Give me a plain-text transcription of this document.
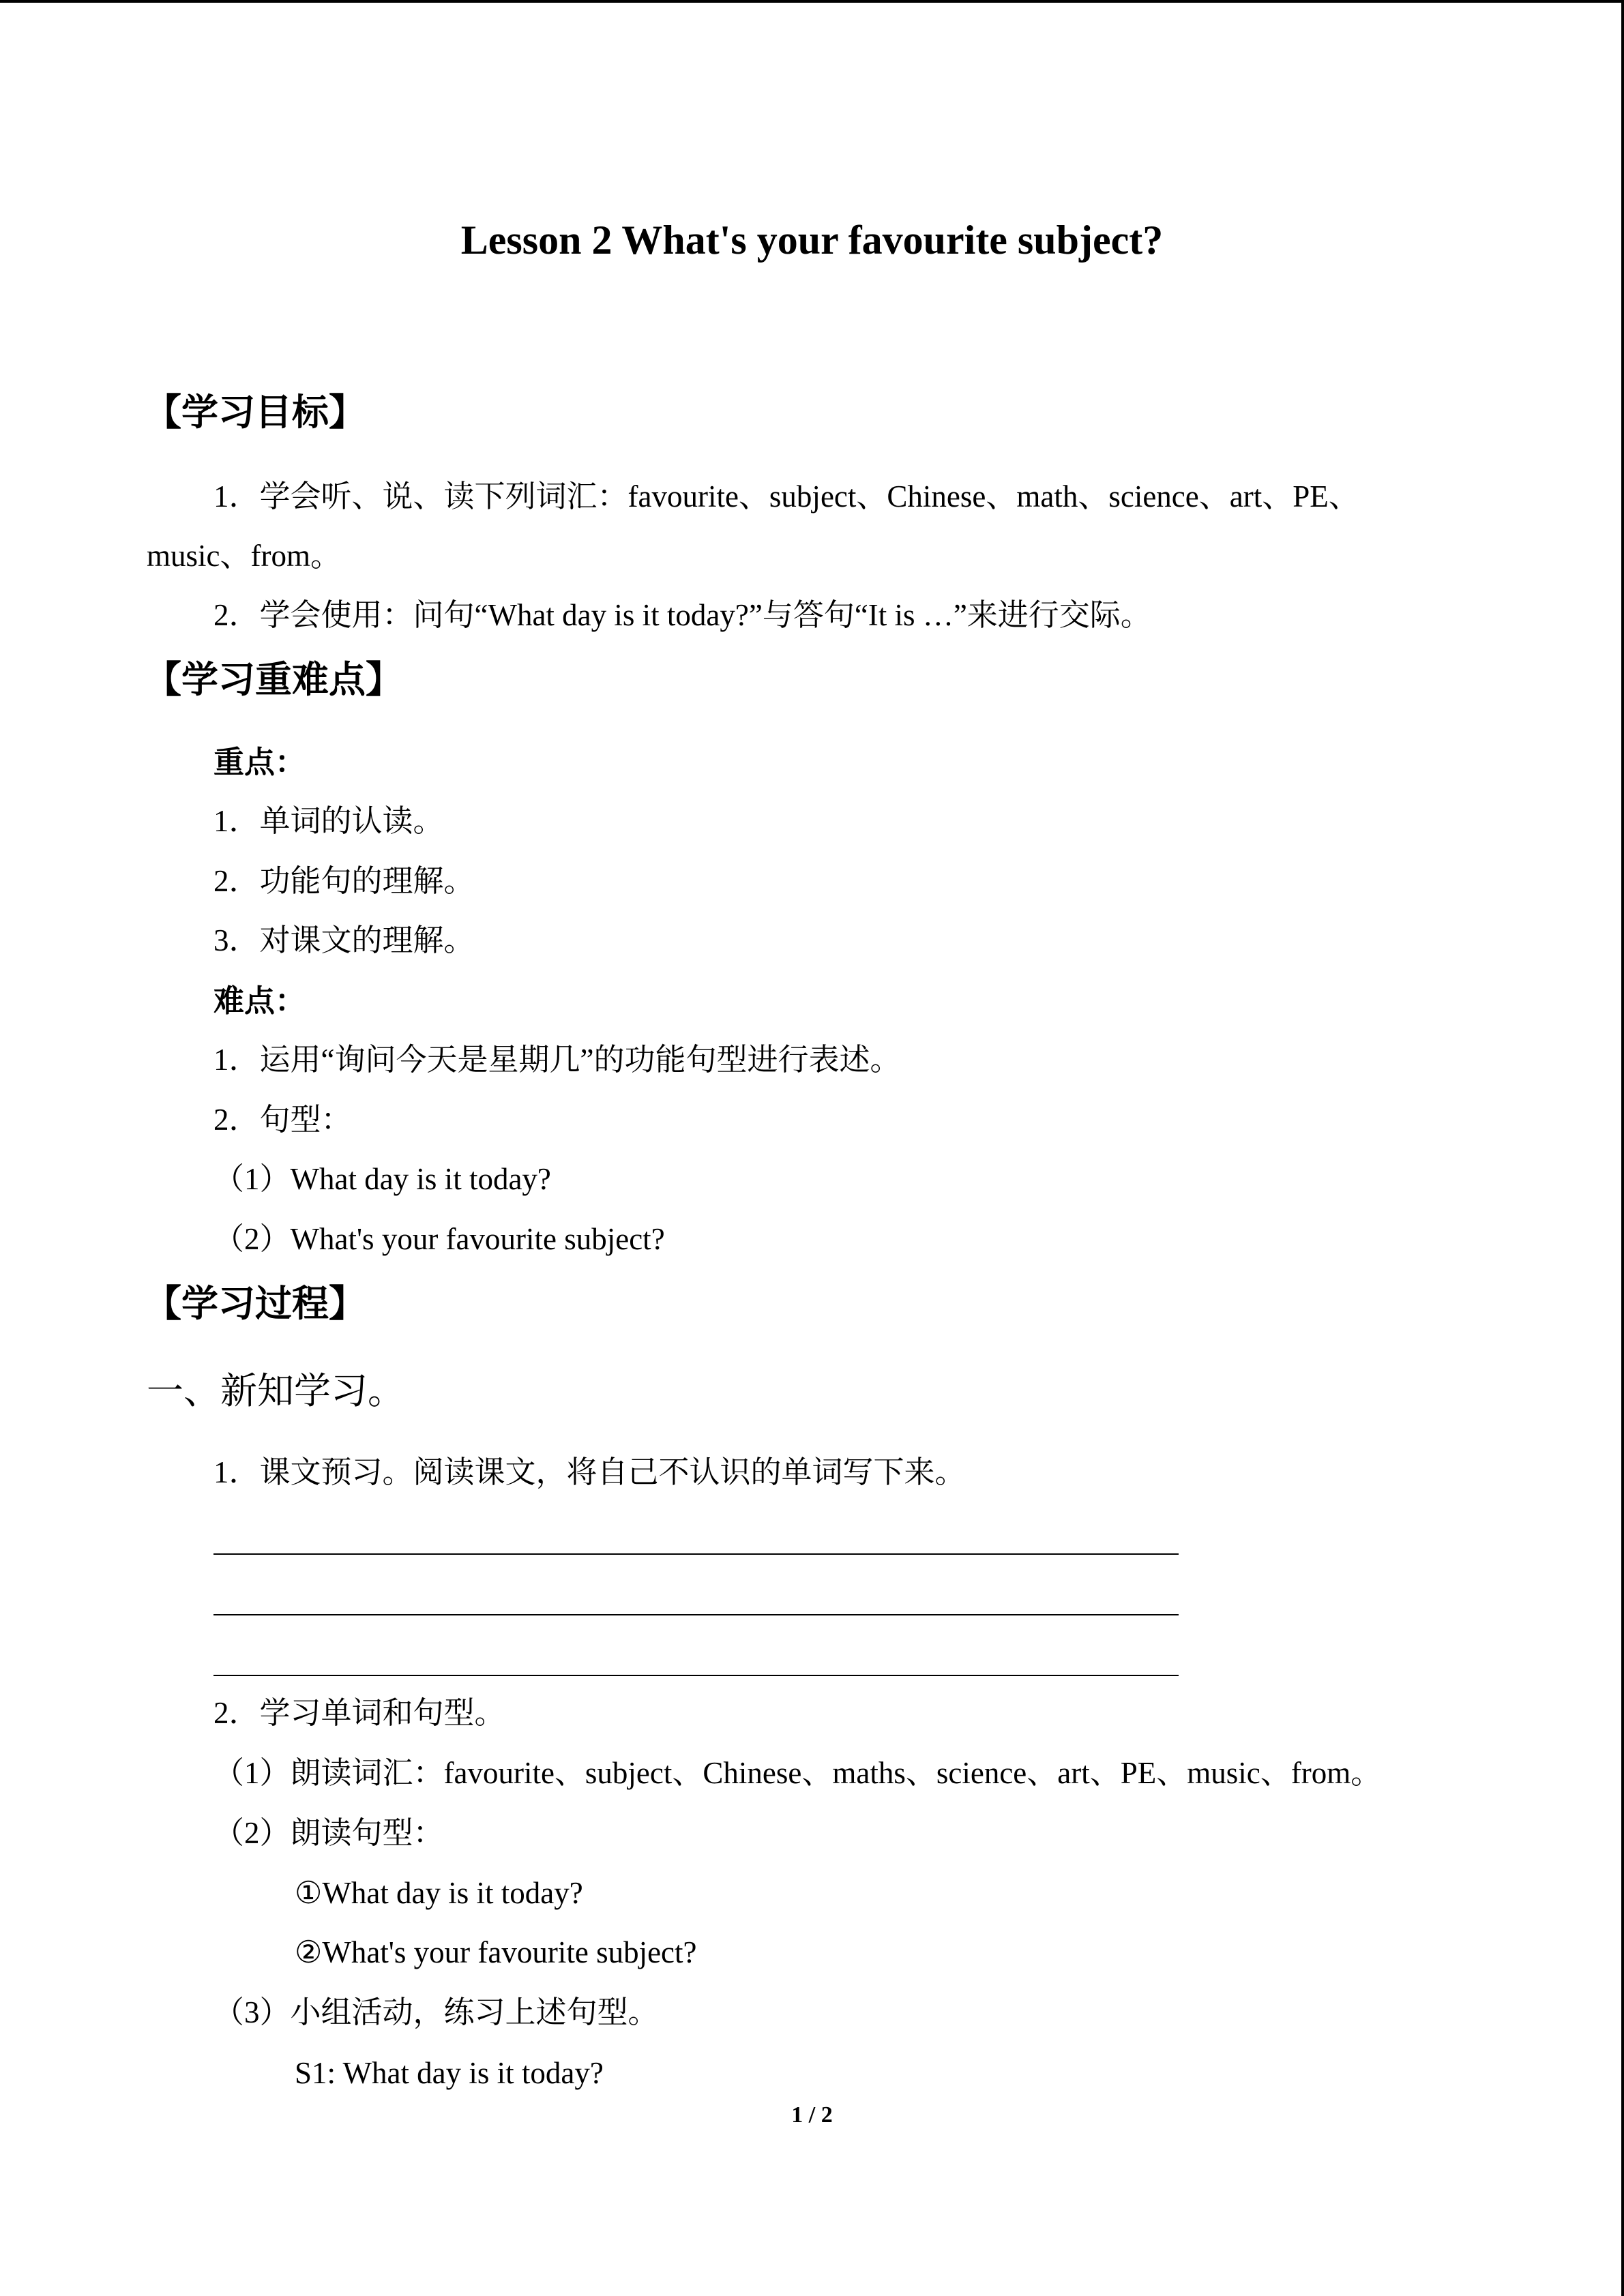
Lesson 2 What's your favourite subject?
【学习目标】
1．学会听、说、读下列词汇：favourite、subject、Chinese、math、science、art、PE、
music、from。
2．学会使用：问句“What day is it today?”与答句“It is …”来进行交际。
【学习重难点】
重点：
1．单词的认读。
2．功能句的理解。
3．对课文的理解。
难点：
1．运用“询问今天是星期几”的功能句型进行表述。
2．句型：
（1）What day is it today?
（2）What's your favourite subject?
【学习过程】
一、新知学习。
1．课文预习。阅读课文，将自己不认识的单词写下来。
2．学习单词和句型。
（1）朗读词汇：favourite、subject、Chinese、maths、science、art、PE、music、from。
（2）朗读句型：
①What day is it today?
②What's your favourite subject?
（3）小组活动，练习上述句型。
S1: What day is it today?
1 / 2
